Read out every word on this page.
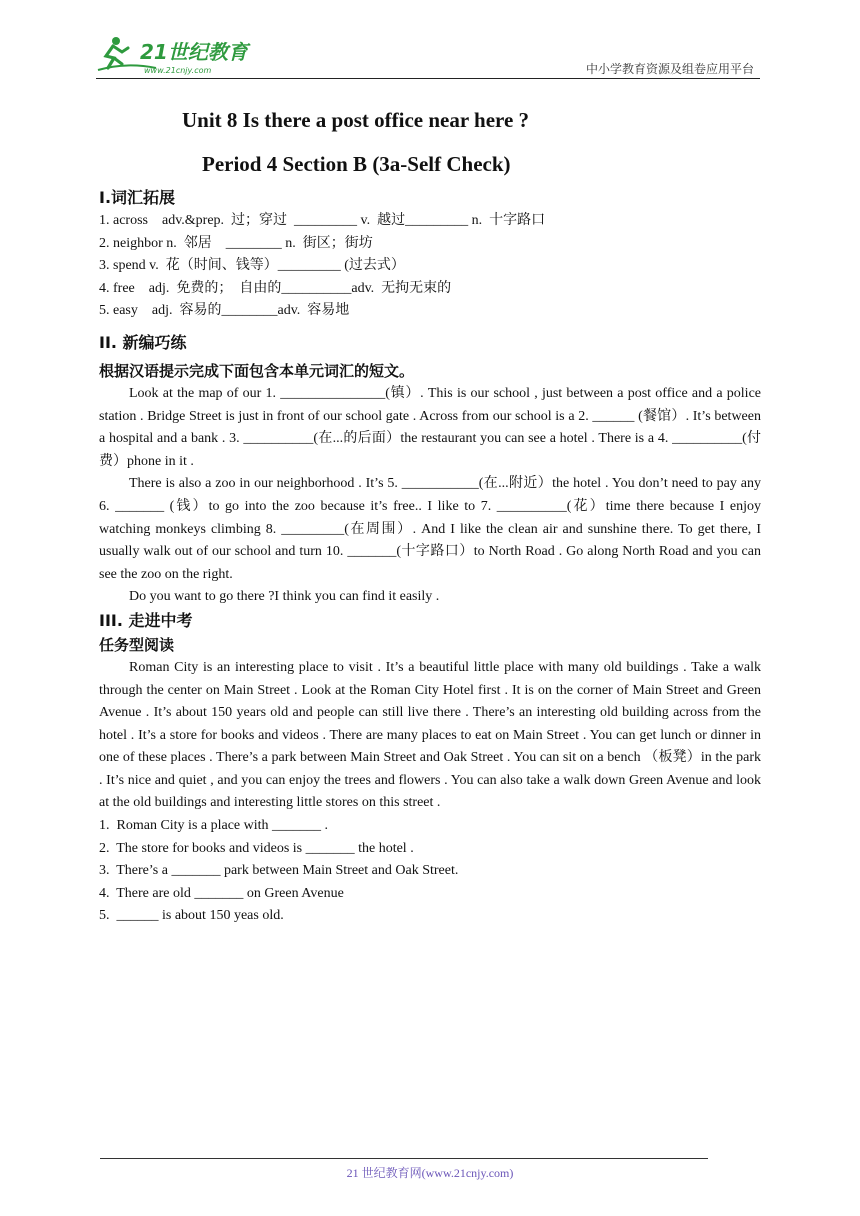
21世纪教育
www.21cnjy.com	中小学教育资源及组卷应用平台
Unit 8 Is there a post office near here ?
Period 4 Section B (3a-Self Check)

I.词汇拓展

1. across    adv.&prep.  过；穿过  _________ v.  越过_________ n.  十字路口

2. neighbor n.  邻居    ________ n.  街区；街坊

3. spend v.  花（时间、钱等）_________ (过去式）

4. free    adj.  免费的；  自由的__________adv.  无拘无束的

5. easy    adj.  容易的________adv.  容易地

II. 新编巧练

根据汉语提示完成下面包含本单元词汇的短文。

Look at the map of our 1. _______________(镇）. This is our school , just between a post office and a police station . Bridge Street is just in front of our school gate . Across from our school is a 2. ______ (餐馆）. It’s between a hospital and a bank . 3. __________(在...的后面）the restaurant you can see a hotel . There is a 4. __________(付费）phone in it .

There is also a zoo in our neighborhood . It’s 5. ___________(在...附近）the hotel . You don’t need to pay any 6. _______ (钱）to go into the zoo because it’s free.. I like to 7. __________(花）time there because I enjoy watching monkeys climbing 8. _________(在周围）. And I like the clean air and sunshine there. To get there, I usually walk out of our school and turn 10. _______(十字路口）to North Road . Go along North Road and you can see the zoo on the right.

Do you want to go there ?I think you can find it easily .

III. 走进中考

任务型阅读

Roman City is an interesting place to visit . It’s a beautiful little place with many old buildings . Take a walk through the center on Main Street . Look at the Roman City Hotel first . It is on the corner of Main Street and Green Avenue . It’s about 150 years old and people can still live there . There’s an interesting old building across from the hotel . It’s a store for books and videos . There are many places to eat on Main Street . You can get lunch or dinner in one of these places . There’s a park between Main Street and Oak Street . You can sit on a bench （板凳）in the park . It’s nice and quiet , and you can enjoy the trees and flowers . You can also take a walk down Green Avenue and look at the old buildings and interesting little stores on this street .

1.  Roman City is a place with _______ .
2.  The store for books and videos is _______ the hotel .
3.  There’s a _______ park between Main Street and Oak Street.
4.  There are old _______ on Green Avenue
5.  ______ is about 150 yeas old.
21 世纪教育网(www.21cnjy.com)
